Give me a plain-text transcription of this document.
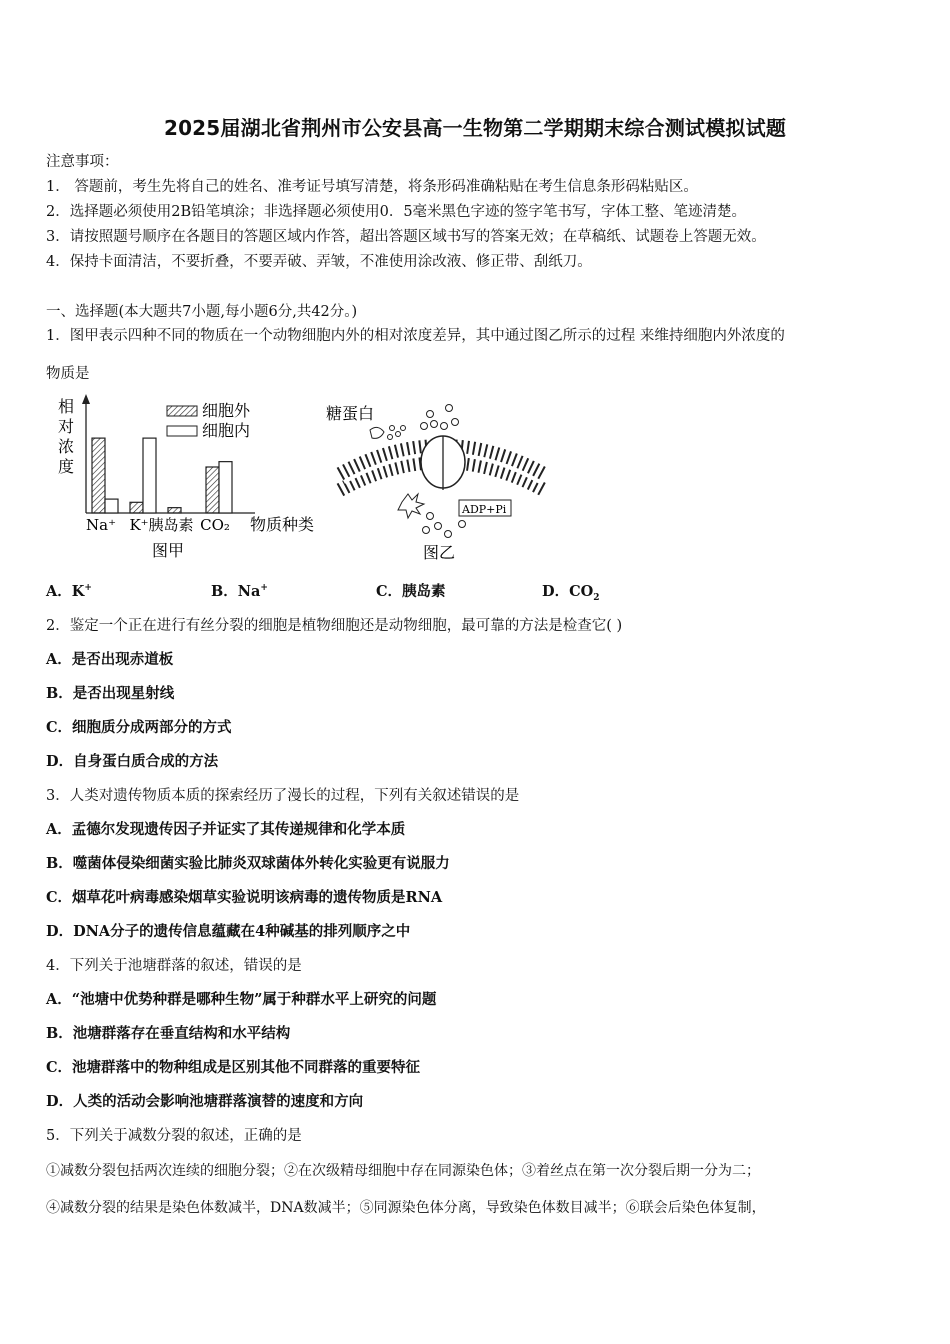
2025届湖北省荆州市公安县高一生物第二学期期末综合测试模拟试题
注意事项：
1． 答题前，考生先将自己的姓名、准考证号填写清楚，将条形码准确粘贴在考生信息条形码粘贴区。
2．选择题必须使用2B铅笔填涂；非选择题必须使用0．5毫米黑色字迹的签字笔书写，字体工整、笔迹清楚。
3．请按照题号顺序在各题目的答题区域内作答，超出答题区域书写的答案无效；在草稿纸、试题卷上答题无效。
4．保持卡面清洁，不要折叠，不要弄破、弄皱，不准使用涂改液、修正带、刮纸刀。
一、选择题(本大题共7小题,每小题6分,共42分。)
1．图甲表示四种不同的物质在一个动物细胞内外的相对浓度差异，其中通过图乙所示的过程 来维持细胞内外浓度的
物质是
相
对
浓
度
细胞外
细胞内
Na⁺ K⁺ 胰岛素 CO₂ 物质种类
图甲
糖蛋白
ADP+Pi
图乙
A．K+	B．Na+	C．胰岛素	D．$CO_2$
2．鉴定一个正在进行有丝分裂的细胞是植物细胞还是动物细胞，最可靠的方法是检查它( )
A．是否出现赤道板
B．是否出现星射线
C．细胞质分成两部分的方式
D．自身蛋白质合成的方法
3．人类对遗传物质本质的探索经历了漫长的过程，下列有关叙述错误的是
A．孟德尔发现遗传因子并证实了其传递规律和化学本质
B．噬菌体侵染细菌实验比肺炎双球菌体外转化实验更有说服力
C．烟草花叶病毒感染烟草实验说明该病毒的遗传物质是RNA
D．DNA分子的遗传信息蕴藏在4种碱基的排列顺序之中
4．下列关于池塘群落的叙述，错误的是
A．“池塘中优势种群是哪种生物”属于种群水平上研究的问题
B．池塘群落存在垂直结构和水平结构
C．池塘群落中的物种组成是区别其他不同群落的重要特征
D．人类的活动会影响池塘群落演替的速度和方向
5．下列关于减数分裂的叙述，正确的是
①减数分裂包括两次连续的细胞分裂；②在次级精母细胞中存在同源染色体；③着丝点在第一次分裂后期一分为二；
④减数分裂的结果是染色体数减半，DNA数减半；⑤同源染色体分离，导致染色体数目减半；⑥联会后染色体复制，
